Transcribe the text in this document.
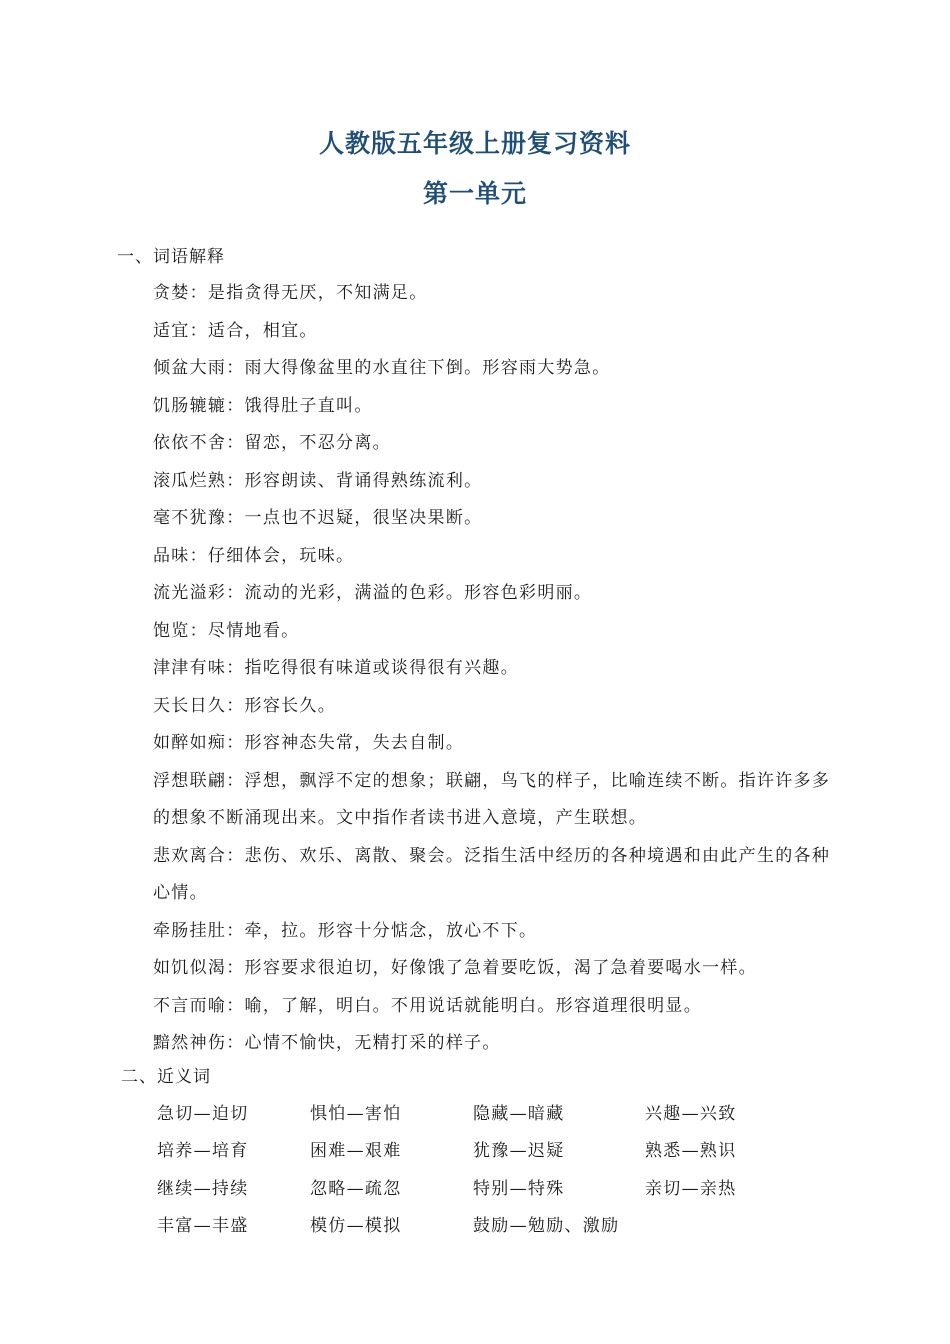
人教版五年级上册复习资料
第一单元
一、词语解释

贪婪：是指贪得无厌，不知满足。

适宜：适合，相宜。

倾盆大雨：雨大得像盆里的水直往下倒。形容雨大势急。

饥肠辘辘：饿得肚子直叫。

依依不舍：留恋，不忍分离。

滚瓜烂熟：形容朗读、背诵得熟练流利。

毫不犹豫：一点也不迟疑，很坚决果断。

品味：仔细体会，玩味。

流光溢彩：流动的光彩，满溢的色彩。形容色彩明丽。

饱览：尽情地看。

津津有味：指吃得很有味道或谈得很有兴趣。

天长日久：形容长久。

如醉如痴：形容神态失常，失去自制。

浮想联翩：浮想，飘浮不定的想象；联翩，鸟飞的样子，比喻连续不断。指许许多多的想象不断涌现出来。文中指作者读书进入意境，产生联想。

悲欢离合：悲伤、欢乐、离散、聚会。泛指生活中经历的各种境遇和由此产生的各种心情。

牵肠挂肚：牵，拉。形容十分惦念，放心不下。

如饥似渴：形容要求很迫切，好像饿了急着要吃饭，渴了急着要喝水一样。

不言而喻：喻，了解，明白。不用说话就能明白。形容道理很明显。

黯然神伤：心情不愉快，无精打采的样子。

二、近义词
急切—迫切	惧怕—害怕	隐藏—暗藏	兴趣—兴致
培养—培育	困难—艰难	犹豫—迟疑	熟悉—熟识
继续—持续	忽略—疏忽	特别—特殊	亲切—亲热
丰富—丰盛	模仿—模拟	鼓励—勉励、激励
